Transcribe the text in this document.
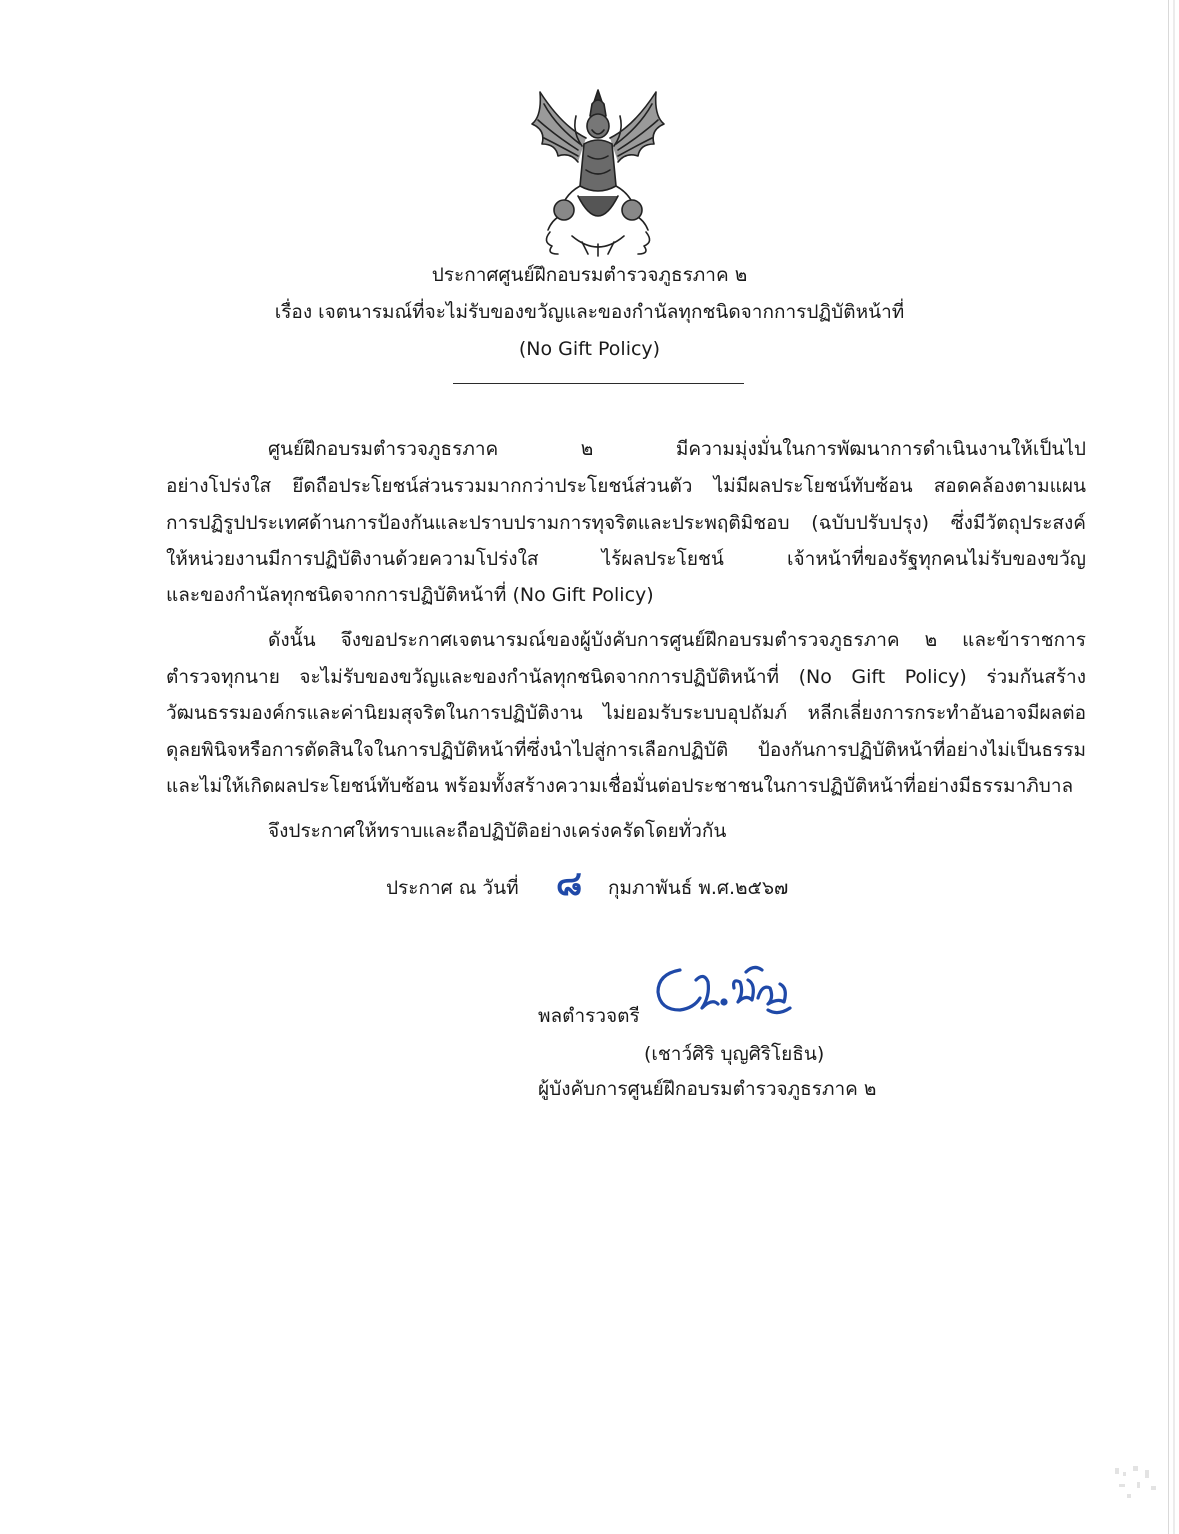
ประกาศศูนย์ฝึกอบรมตำรวจภูธรภาค ๒
เรื่อง เจตนารมณ์ที่จะไม่รับของขวัญและของกำนัลทุกชนิดจากการปฏิบัติหน้าที่
(No Gift Policy)
ศูนย์ฝึกอบรมตำรวจภูธรภาค ๒ มีความมุ่งมั่นในการพัฒนาการดำเนินงานให้เป็นไป
อย่างโปร่งใส ยึดถือประโยชน์ส่วนรวมมากกว่าประโยชน์ส่วนตัว ไม่มีผลประโยชน์ทับซ้อน สอดคล้องตามแผน
การปฏิรูปประเทศด้านการป้องกันและปราบปรามการทุจริตและประพฤติมิชอบ (ฉบับปรับปรุง) ซึ่งมีวัตถุประสงค์
ให้หน่วยงานมีการปฏิบัติงานด้วยความโปร่งใส ไร้ผลประโยชน์ เจ้าหน้าที่ของรัฐทุกคนไม่รับของขวัญ
และของกำนัลทุกชนิดจากการปฏิบัติหน้าที่ (No Gift Policy)
ดังนั้น จึงขอประกาศเจตนารมณ์ของผู้บังคับการศูนย์ฝึกอบรมตำรวจภูธรภาค ๒ และข้าราชการ
ตำรวจทุกนาย จะไม่รับของขวัญและของกำนัลทุกชนิดจากการปฏิบัติหน้าที่ (No Gift Policy) ร่วมกันสร้าง
วัฒนธรรมองค์กรและค่านิยมสุจริตในการปฏิบัติงาน ไม่ยอมรับระบบอุปถัมภ์ หลีกเลี่ยงการกระทำอันอาจมีผลต่อ
ดุลยพินิจหรือการตัดสินใจในการปฏิบัติหน้าที่ซึ่งนำไปสู่การเลือกปฏิบัติ ป้องกันการปฏิบัติหน้าที่อย่างไม่เป็นธรรม
และไม่ให้เกิดผลประโยชน์ทับซ้อน พร้อมทั้งสร้างความเชื่อมั่นต่อประชาชนในการปฏิบัติหน้าที่อย่างมีธรรมาภิบาล
จึงประกาศให้ทราบและถือปฏิบัติอย่างเคร่งครัดโดยทั่วกัน
ประกาศ ณ วันที่ ๘ กุมภาพันธ์ พ.ศ.๒๕๖๗
พลตำรวจตรี
(เชาว์ศิริ บุญศิริโยธิน)
ผู้บังคับการศูนย์ฝึกอบรมตำรวจภูธรภาค ๒
